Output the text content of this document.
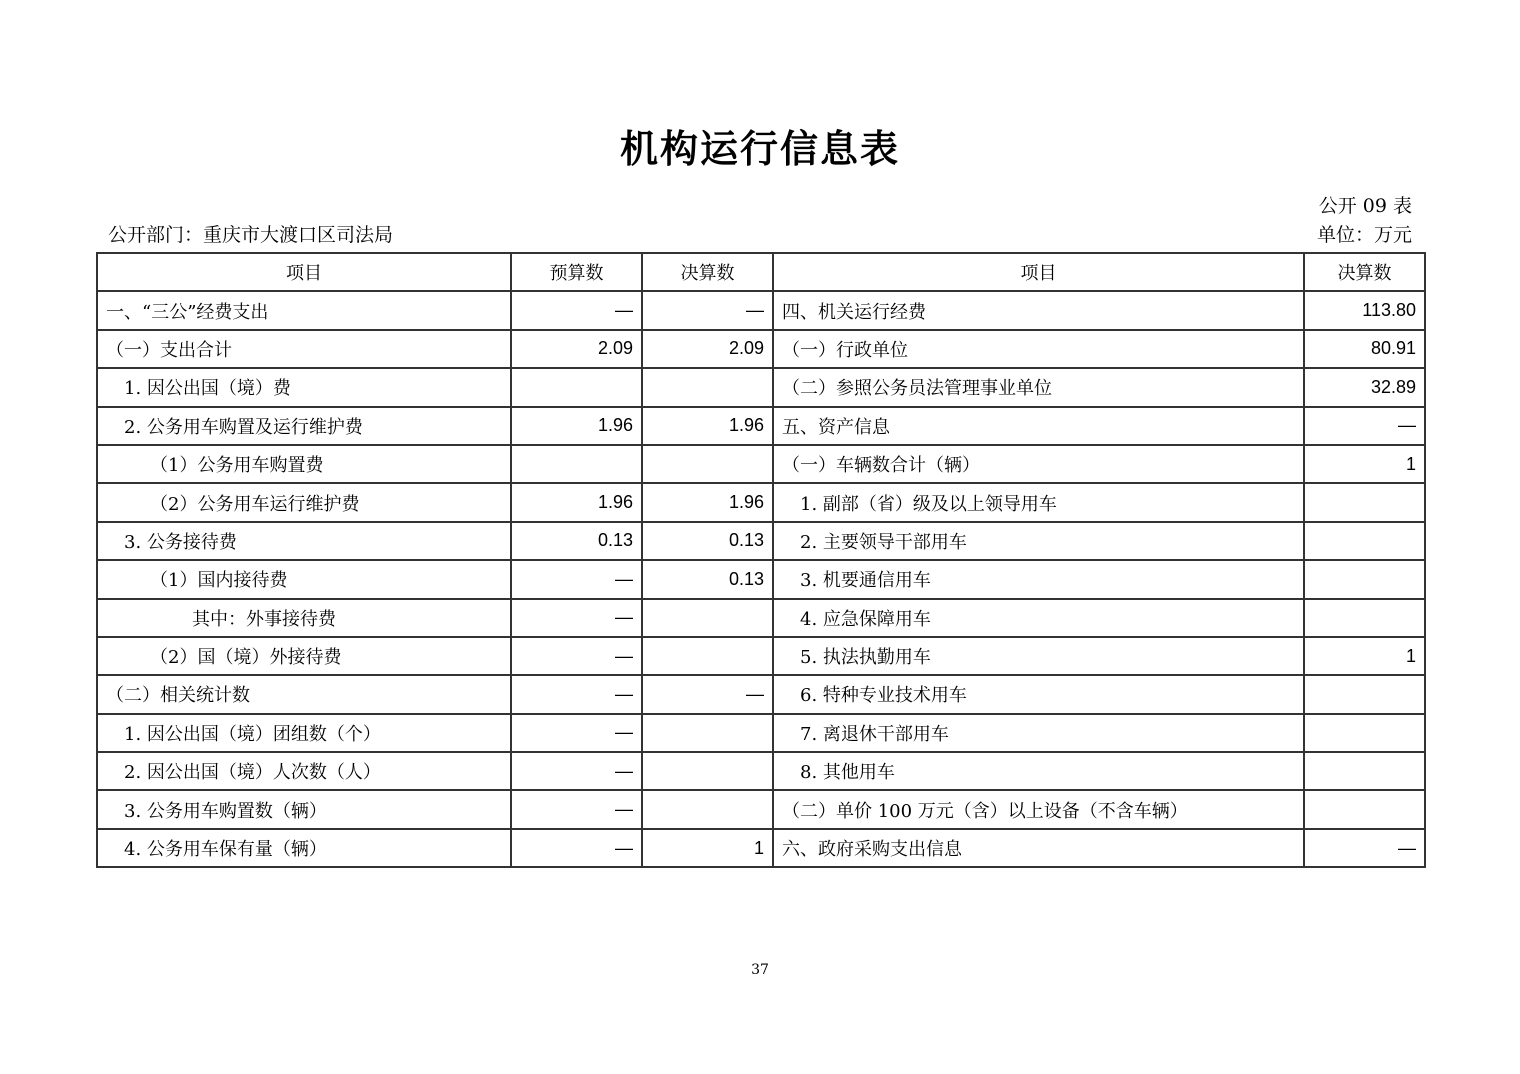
机构运行信息表
公开 09 表
公开部门：重庆市大渡口区司法局	单位：万元
项目	预算数	决算数	项目	决算数
一、“三公”经费支出	—	—	四、机关运行经费	113.80
（一）支出合计	2.09	2.09	（一）行政单位	80.91
1. 因公出国（境）费			（二）参照公务员法管理事业单位	32.89
2. 公务用车购置及运行维护费	1.96	1.96	五、资产信息	—
（1）公务用车购置费			（一）车辆数合计（辆）	1
（2）公务用车运行维护费	1.96	1.96	1. 副部（省）级及以上领导用车	
3. 公务接待费	0.13	0.13	2. 主要领导干部用车	
（1）国内接待费	—	0.13	3. 机要通信用车	
其中：外事接待费	—		4. 应急保障用车	
（2）国（境）外接待费	—		5. 执法执勤用车	1
（二）相关统计数	—	—	6. 特种专业技术用车	
1. 因公出国（境）团组数（个）	—		7. 离退休干部用车	
2. 因公出国（境）人次数（人）	—		8. 其他用车	
3. 公务用车购置数（辆）	—		（二）单价 100 万元（含）以上设备（不含车辆）	
4. 公务用车保有量（辆）	—	1	六、政府采购支出信息	—
37
